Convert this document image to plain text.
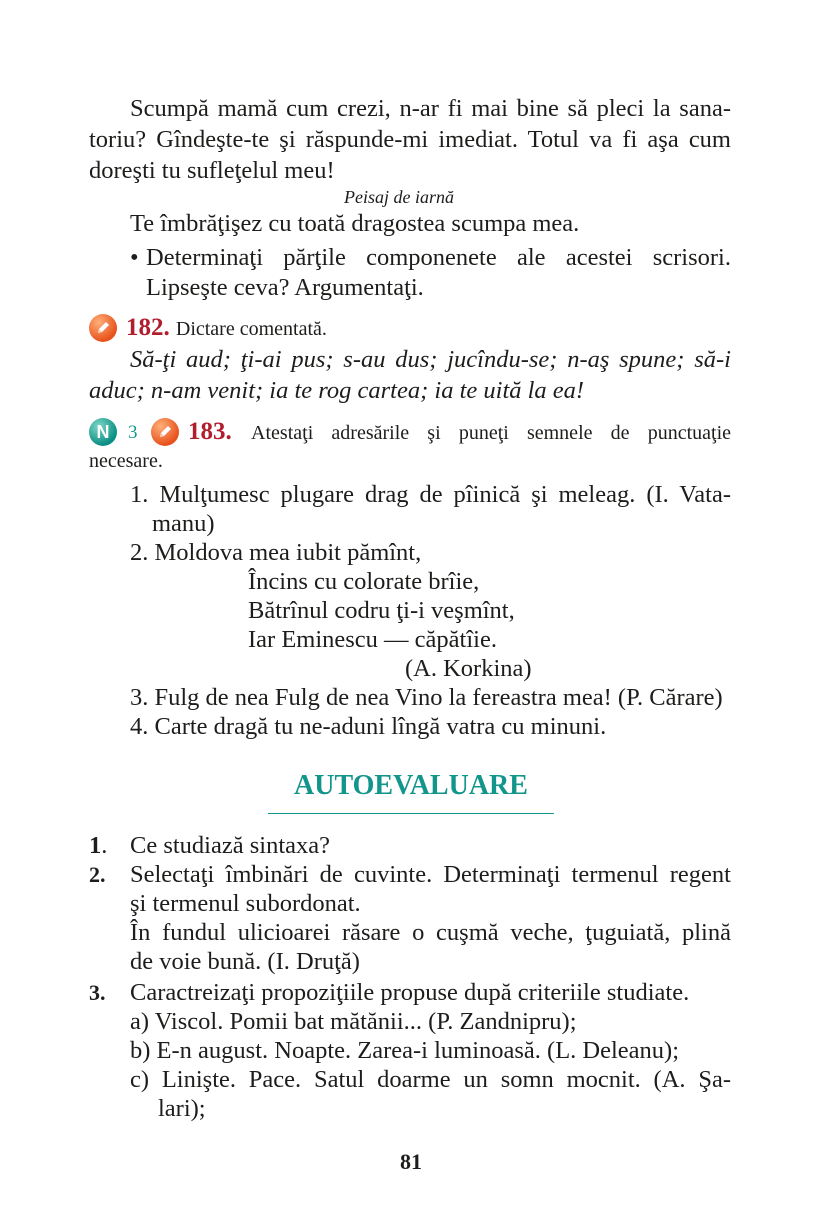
Scumpă mamă cum crezi, n-ar fi mai bine să pleci la sana-
toriu? Gîndeşte-te şi răspunde-mi imediat. Totul va fi aşa cum
doreşti tu sufleţelul meu!
Peisaj de iarnă
Te îmbrăţişez cu toată dragostea scumpa mea.
• Determinaţi părţile componenete ale acestei scrisori.
Lipseşte ceva? Argumentaţi.
182. Dictare comentată.
Să-ţi aud; ţi-ai pus; s-au dus; jucîndu-se; n-aş spune; să-i
aduc; n-am venit; ia te rog cartea; ia te uită la ea!
N 3 183. Atestaţi adresările şi puneţi semnele de punctuaţie
necesare.
1. Mulţumesc plugare drag de pîinică şi meleag. (I. Vata-
manu)
2. Moldova mea iubit pămînt,
Încins cu colorate brîie,
Bătrînul codru ţi-i veşmînt,
Iar Eminescu — căpătîie.
(A. Korkina)
3. Fulg de nea Fulg de nea Vino la fereastra mea! (P. Cărare)
4. Carte dragă tu ne-aduni lîngă vatra cu minuni.
AUTOEVALUARE
1. Ce studiază sintaxa?
2. Selectaţi îmbinări de cuvinte. Determinaţi termenul regent
şi termenul subordonat.
În fundul ulicioarei răsare o cuşmă veche, ţuguiată, plină
de voie bună. (I. Druţă)
3. Caractreizaţi propoziţiile propuse după criteriile studiate.
a) Viscol. Pomii bat mătănii... (P. Zandnipru);
b) E-n august. Noapte. Zarea-i luminoasă. (L. Deleanu);
c) Linişte. Pace. Satul doarme un somn mocnit. (A. Şa-
lari);
81
